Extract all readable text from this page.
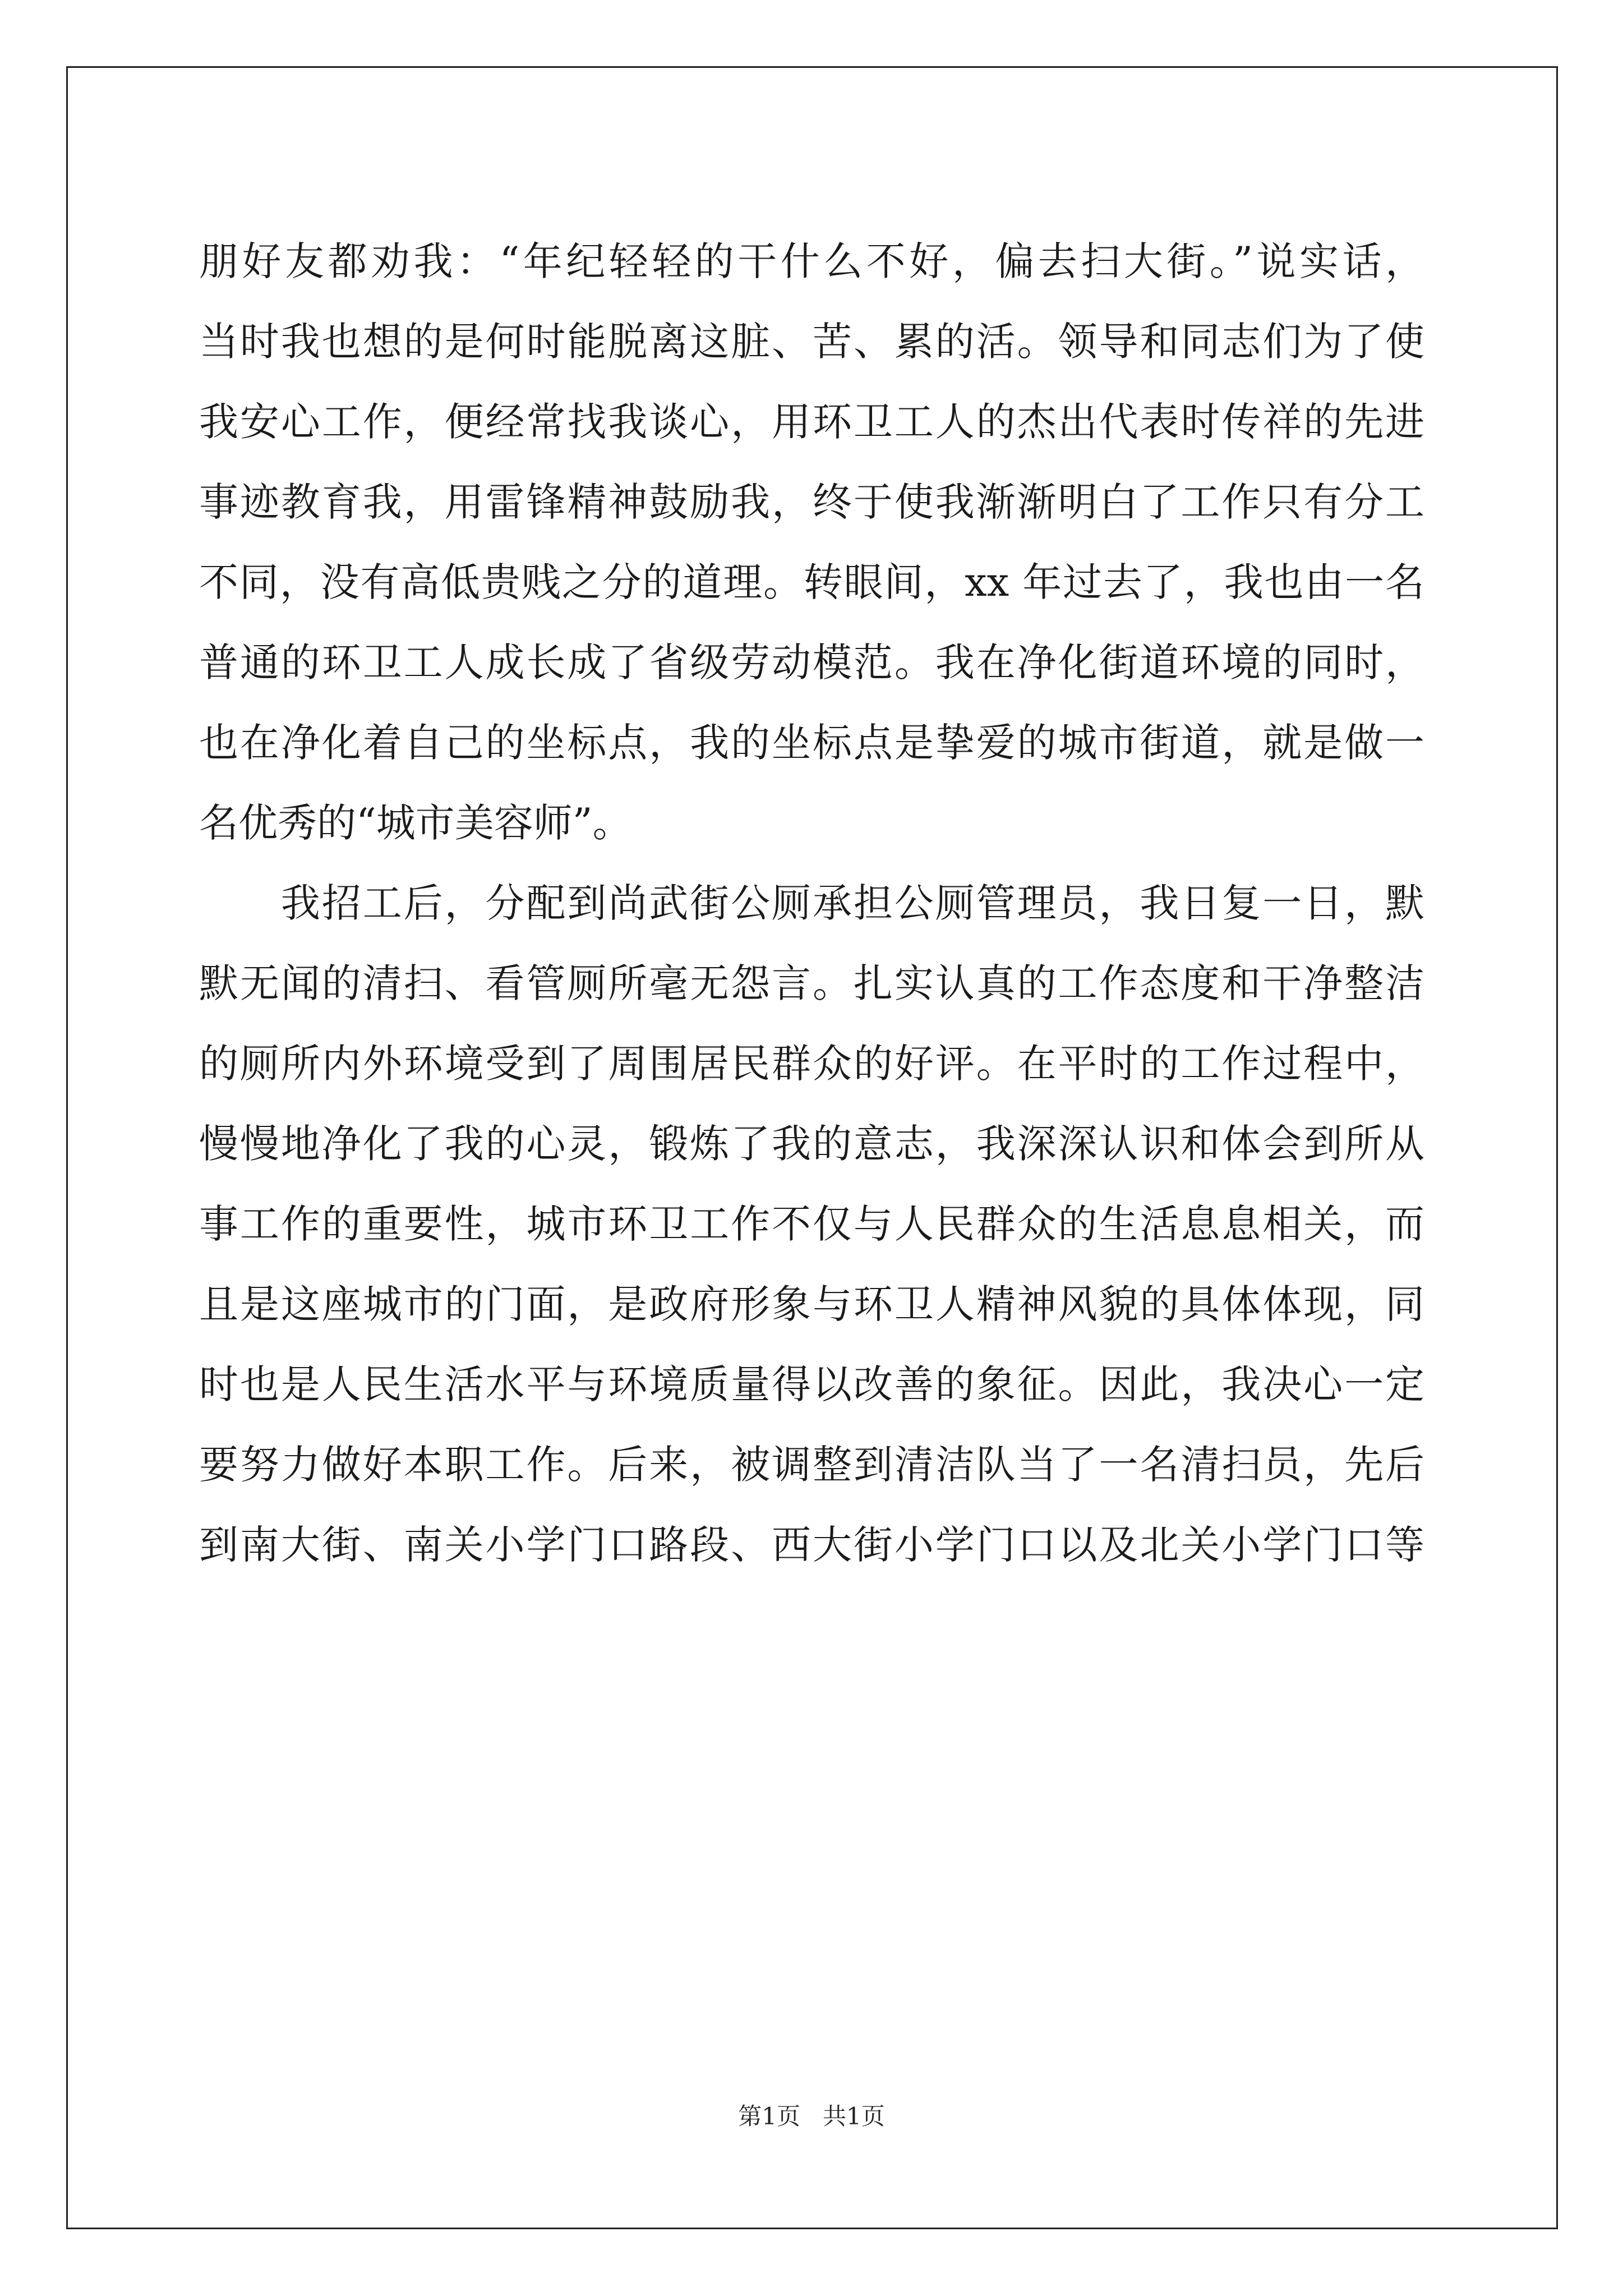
朋好友都劝我：“年纪轻轻的干什么不好，偏去扫大街。”说实话，
当时我也想的是何时能脱离这脏、苦、累的活。领导和同志们为了使
我安心工作，便经常找我谈心，用环卫工人的杰出代表时传祥的先进
事迹教育我，用雷锋精神鼓励我，终于使我渐渐明白了工作只有分工
不同，没有高低贵贱之分的道理。转眼间，xx 年过去了，我也由一名
普通的环卫工人成长成了省级劳动模范。我在净化街道环境的同时，
也在净化着自己的坐标点，我的坐标点是挚爱的城市街道，就是做一
名优秀的“城市美容师”。
　　我招工后，分配到尚武街公厕承担公厕管理员，我日复一日，默
默无闻的清扫、看管厕所毫无怨言。扎实认真的工作态度和干净整洁
的厕所内外环境受到了周围居民群众的好评。在平时的工作过程中，
慢慢地净化了我的心灵，锻炼了我的意志，我深深认识和体会到所从
事工作的重要性，城市环卫工作不仅与人民群众的生活息息相关，而
且是这座城市的门面，是政府形象与环卫人精神风貌的具体体现，同
时也是人民生活水平与环境质量得以改善的象征。因此，我决心一定
要努力做好本职工作。后来，被调整到清洁队当了一名清扫员，先后
到南大街、南关小学门口路段、西大街小学门口以及北关小学门口等
第1页 共1页
